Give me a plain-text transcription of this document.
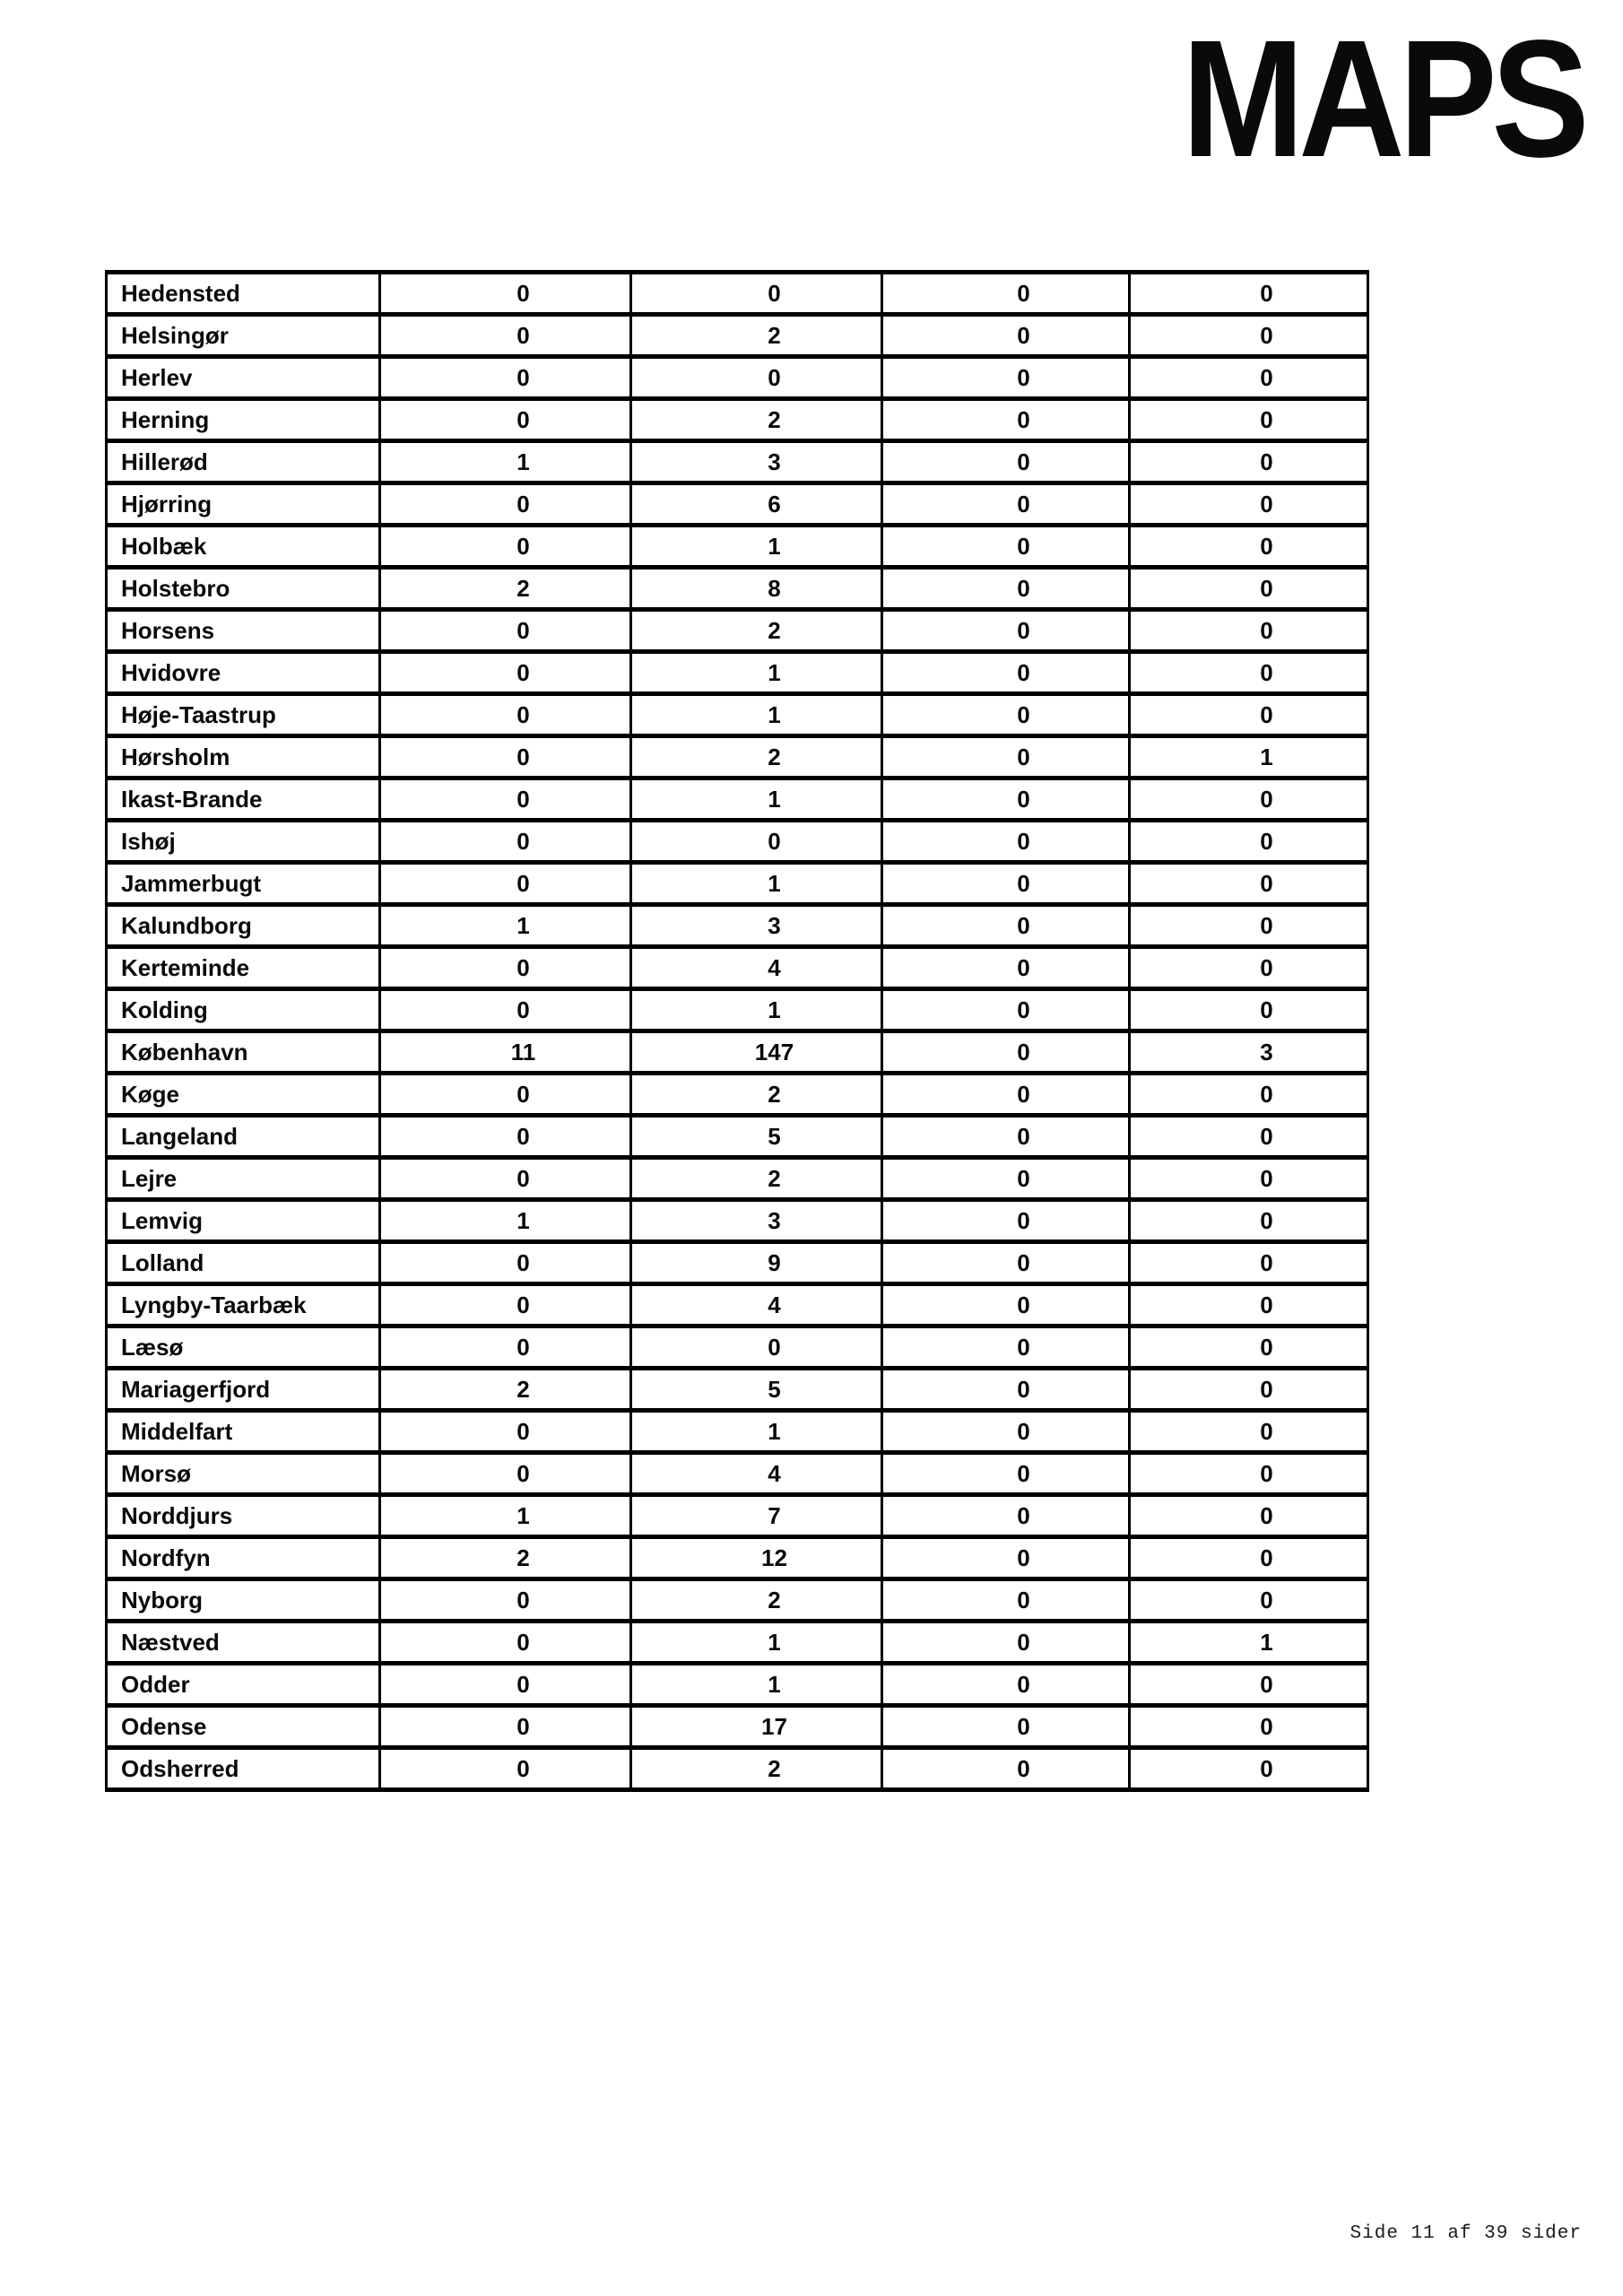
MAPS
Hedensted	0	0	0	0
Helsingør	0	2	0	0
Herlev	0	0	0	0
Herning	0	2	0	0
Hillerød	1	3	0	0
Hjørring	0	6	0	0
Holbæk	0	1	0	0
Holstebro	2	8	0	0
Horsens	0	2	0	0
Hvidovre	0	1	0	0
Høje-Taastrup	0	1	0	0
Hørsholm	0	2	0	1
Ikast-Brande	0	1	0	0
Ishøj	0	0	0	0
Jammerbugt	0	1	0	0
Kalundborg	1	3	0	0
Kerteminde	0	4	0	0
Kolding	0	1	0	0
København	11	147	0	3
Køge	0	2	0	0
Langeland	0	5	0	0
Lejre	0	2	0	0
Lemvig	1	3	0	0
Lolland	0	9	0	0
Lyngby-Taarbæk	0	4	0	0
Læsø	0	0	0	0
Mariagerfjord	2	5	0	0
Middelfart	0	1	0	0
Morsø	0	4	0	0
Norddjurs	1	7	0	0
Nordfyn	2	12	0	0
Nyborg	0	2	0	0
Næstved	0	1	0	1
Odder	0	1	0	0
Odense	0	17	0	0
Odsherred	0	2	0	0
Side 11 af 39 sider
